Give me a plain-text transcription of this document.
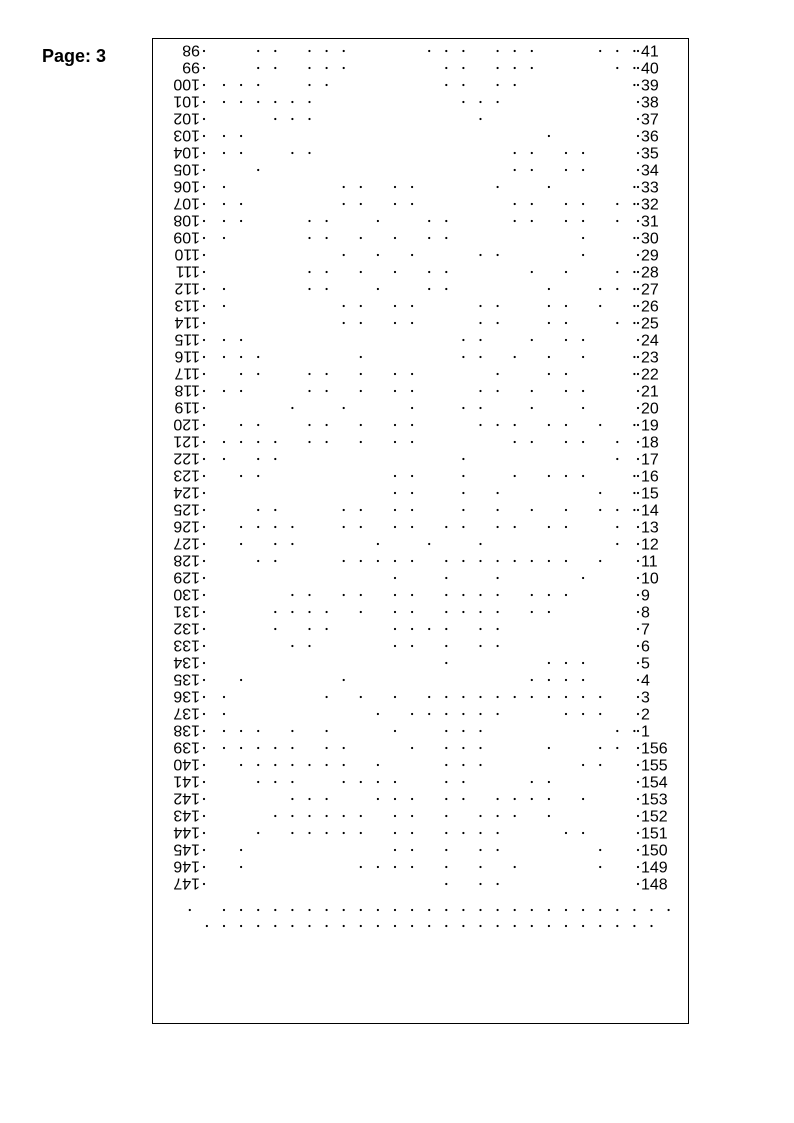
Page: 3	98
99
100
101
102
103
104
105
106
107
108
109
110
111
112
113
114
115
116
117
118
119
120
121
122
123
124
125
126
127
128
129
130
131
132
133
134
135
136
137
138
139
140
141
142
143
144
145
146
147
41
40
39
38
37
36
35
34
33
32
31
30
29
28
27
26
25
24
23
22
21
20
19
18
17
16
15
14
13
12
11
10
9
8
7
6
5
4
3
2
1
156
155
154
153
152
151
150
149
148
